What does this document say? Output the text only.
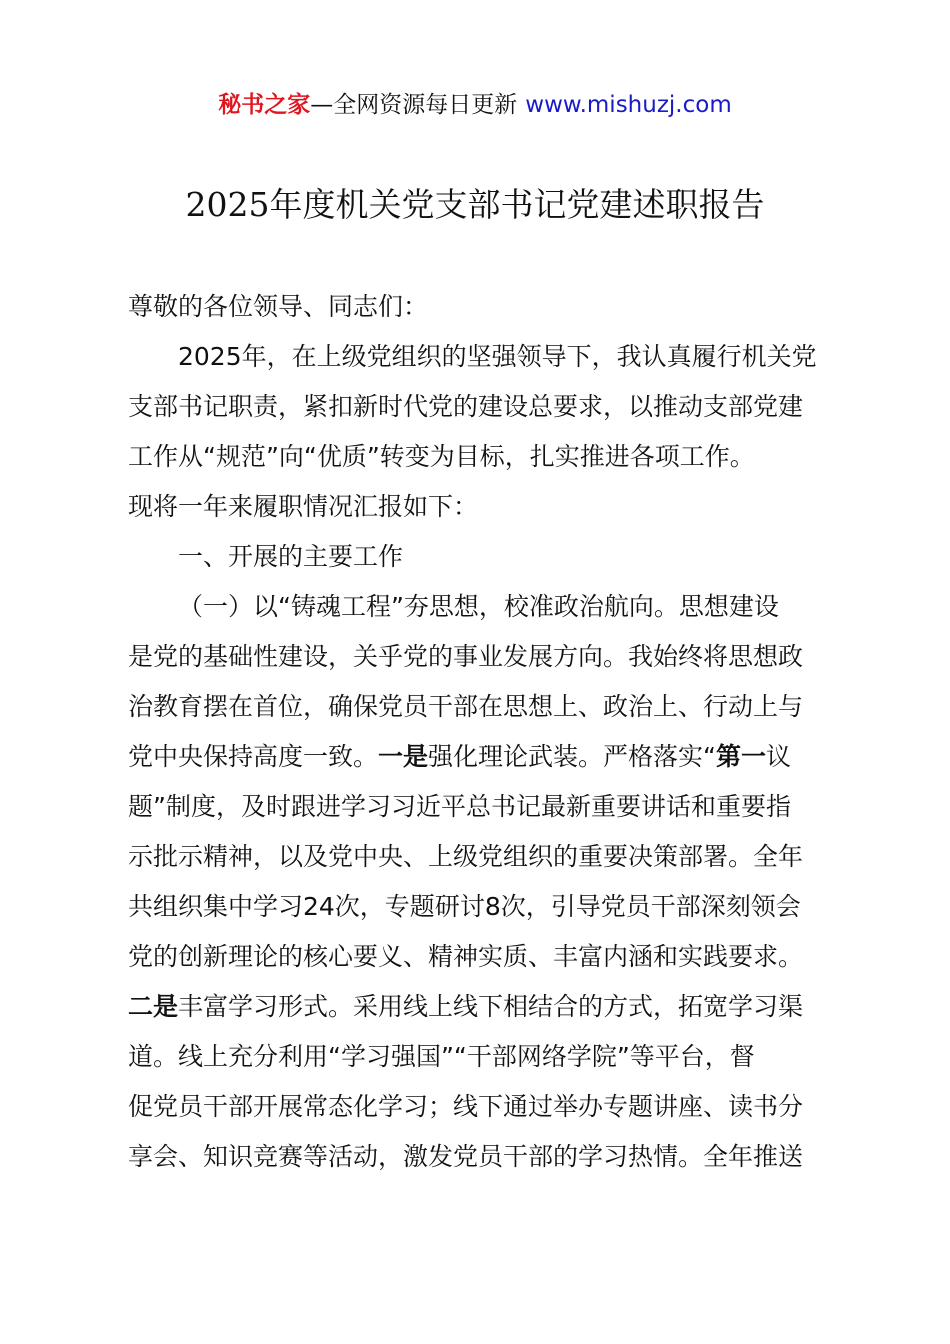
秘书之家—全网资源每日更新 www.mishuzj.com
2025年度机关党支部书记党建述职报告
尊敬的各位领导、同志们：
2025年，在上级党组织的坚强领导下，我认真履行机关党
支部书记职责，紧扣新时代党的建设总要求，以推动支部党建
工作从“规范”向“优质”转变为目标，扎实推进各项工作。
现将一年来履职情况汇报如下：
一、开展的主要工作
（一）以“铸魂工程”夯思想，校准政治航向。思想建设
是党的基础性建设，关乎党的事业发展方向。我始终将思想政
治教育摆在首位，确保党员干部在思想上、政治上、行动上与
党中央保持高度一致。一是强化理论武装。严格落实“第一议
题”制度，及时跟进学习习近平总书记最新重要讲话和重要指
示批示精神，以及党中央、上级党组织的重要决策部署。全年
共组织集中学习24次，专题研讨8次，引导党员干部深刻领会
党的创新理论的核心要义、精神实质、丰富内涵和实践要求。
二是丰富学习形式。采用线上线下相结合的方式，拓宽学习渠
道。线上充分利用“学习强国”“干部网络学院”等平台，督
促党员干部开展常态化学习；线下通过举办专题讲座、读书分
享会、知识竞赛等活动，激发党员干部的学习热情。全年推送
